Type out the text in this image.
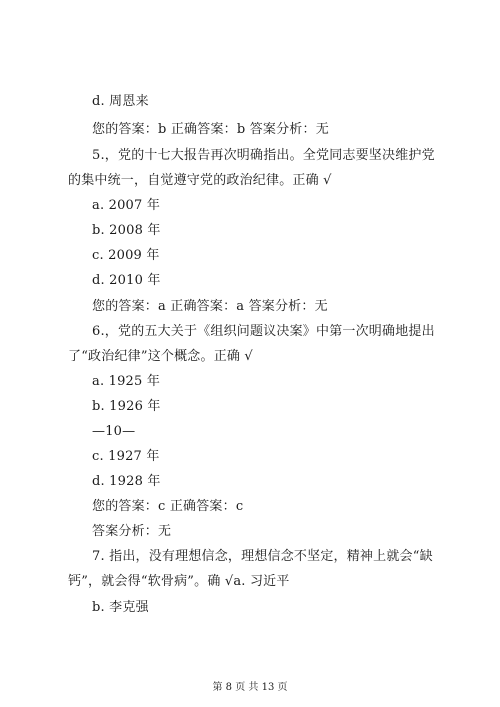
d. 周恩来
您的答案：b 正确答案：b 答案分析：无
5.，党的十七大报告再次明确指出。全党同志要坚决维护党
的集中统一，自觉遵守党的政治纪律。正确 √
a. 2007 年
b. 2008 年
c. 2009 年
d. 2010 年
您的答案：a 正确答案：a 答案分析：无
6.，党的五大关于《组织问题议决案》中第一次明确地提出
了“政治纪律”这个概念。正确 √
a. 1925 年
b. 1926 年
—10—
c. 1927 年
d. 1928 年
您的答案：c 正确答案：c
答案分析：无
7. 指出，没有理想信念，理想信念不坚定，精神上就会“缺
钙”，就会得“软骨病”。确 √a. 习近平
b. 李克强
第 8 页 共 13 页
